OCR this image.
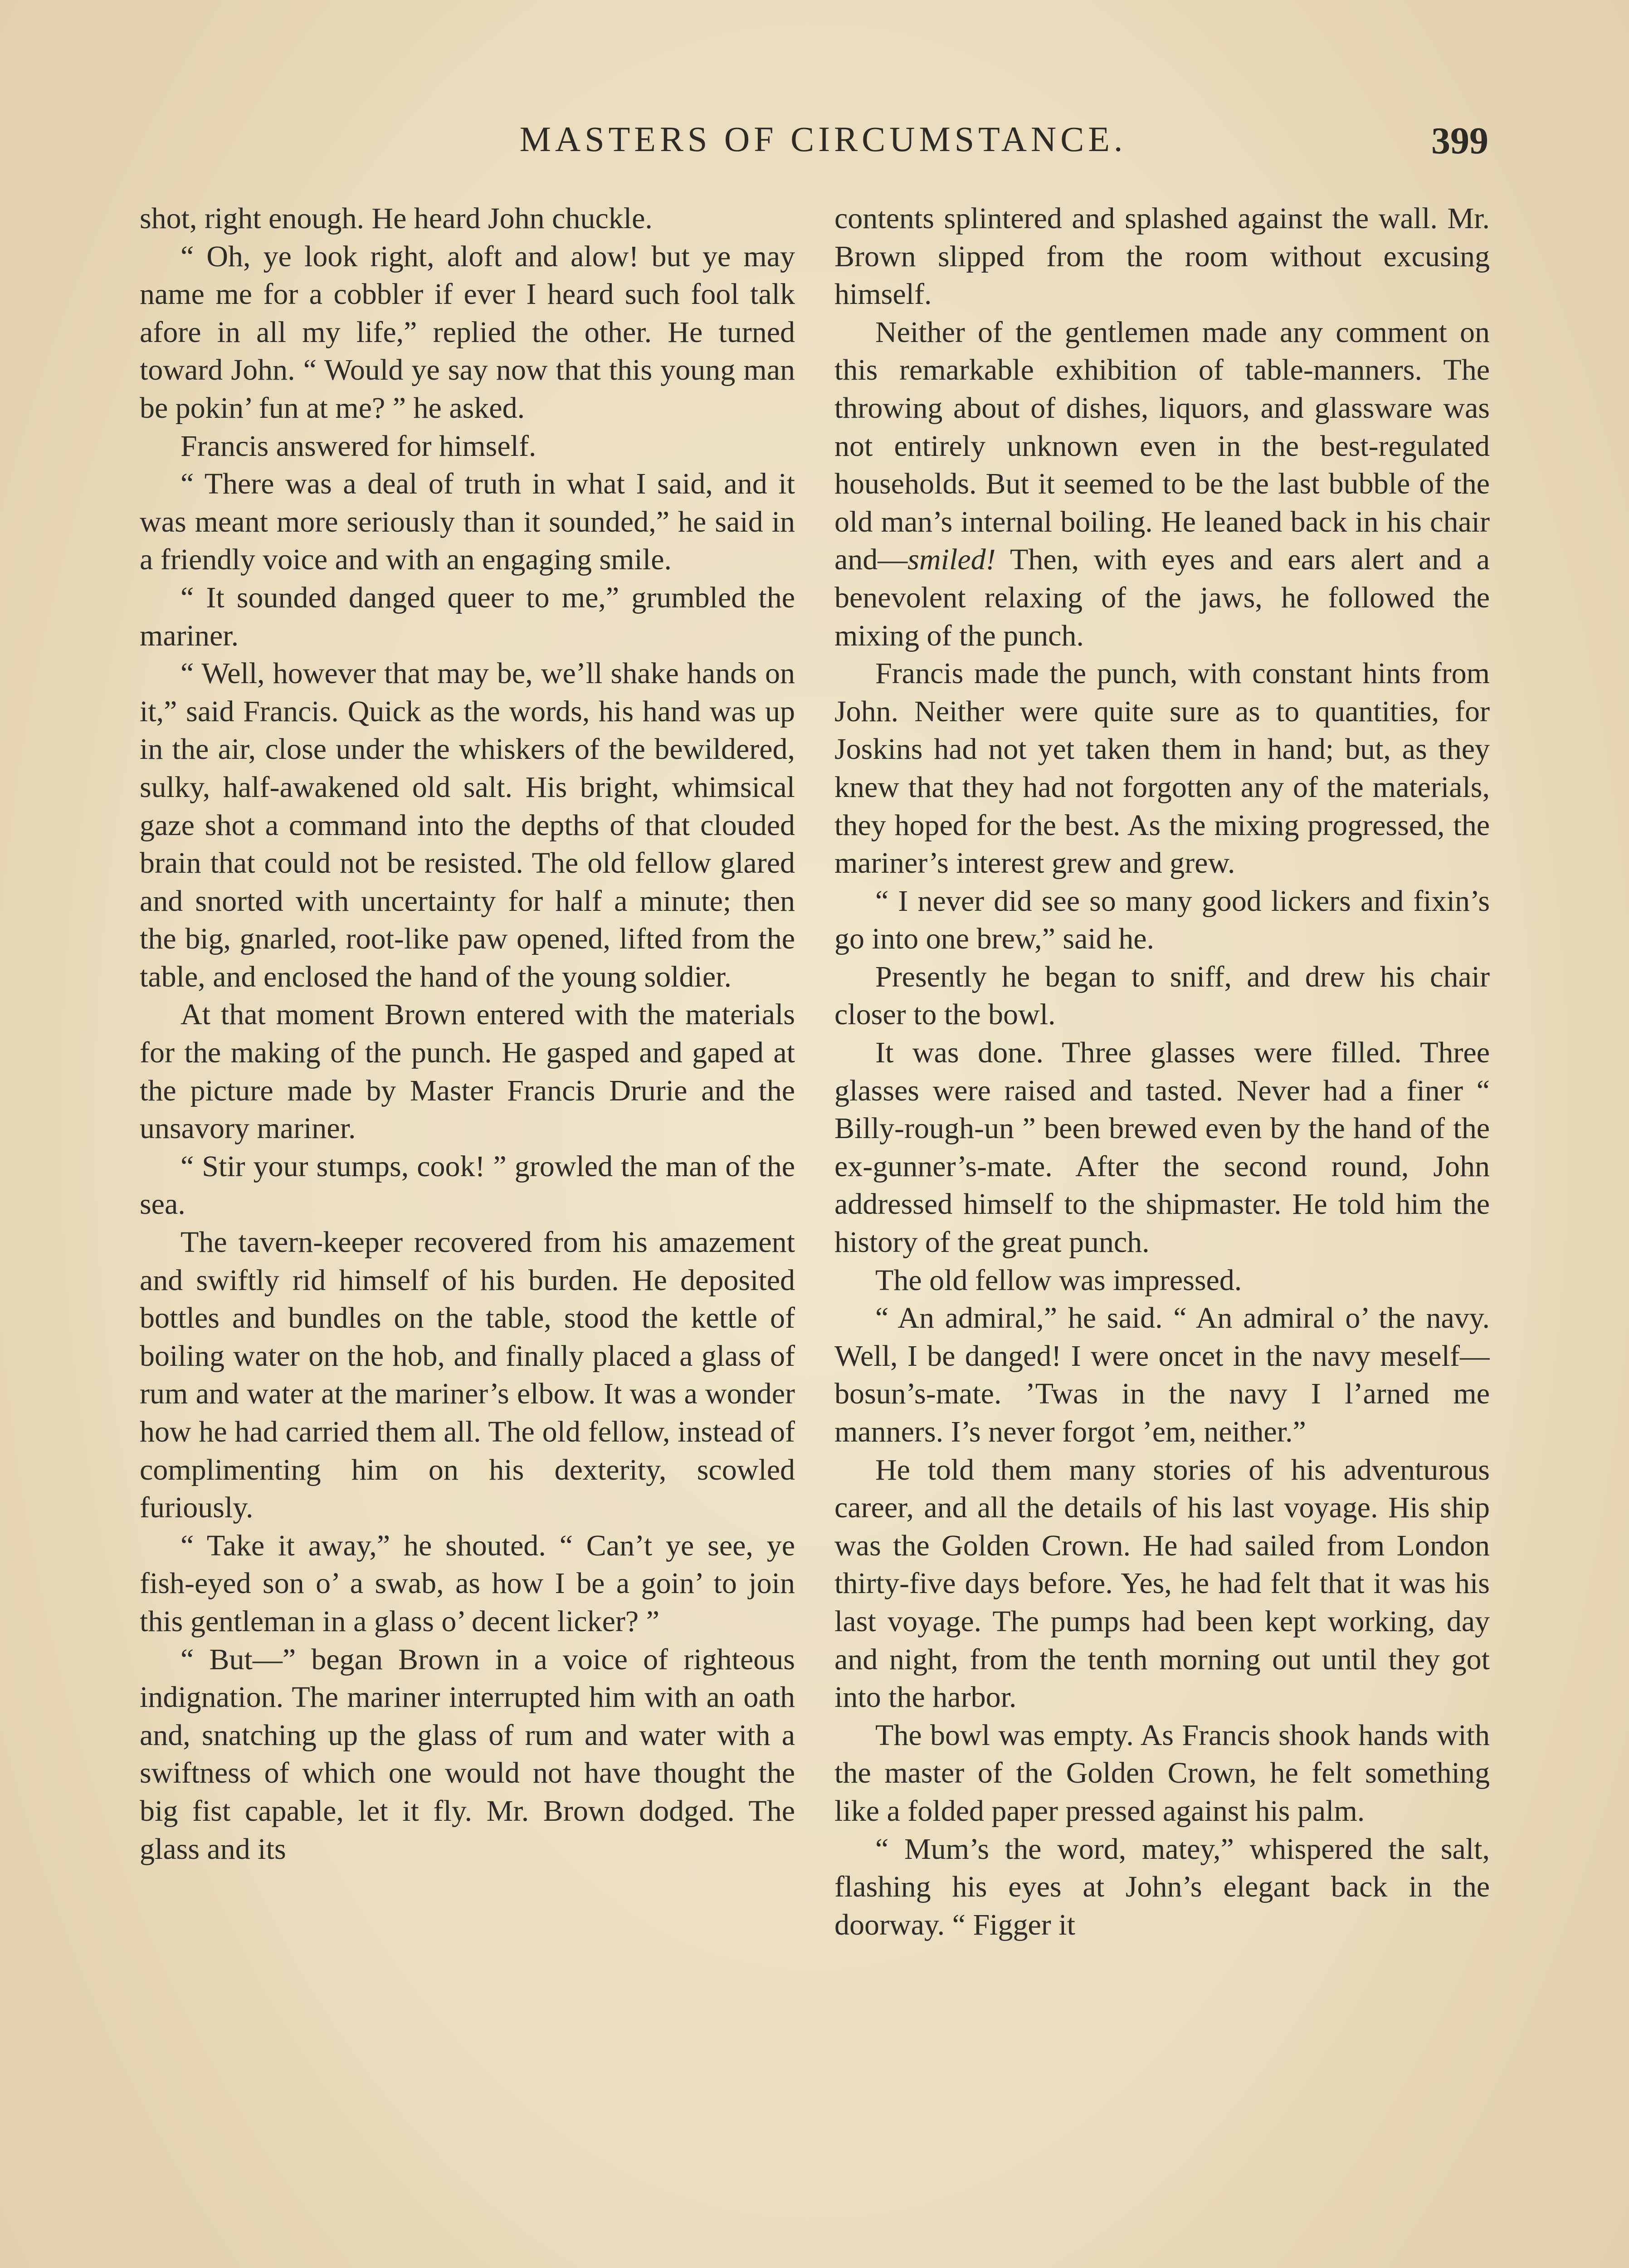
MASTERS OF CIRCUMSTANCE.	399

shot, right enough. He heard John chuckle.

“ Oh, ye look right, aloft and alow! but ye may name me for a cobbler if ever I heard such fool talk afore in all my life,” replied the other. He turned toward John. “ Would ye say now that this young man be pokin’ fun at me? ” he asked.

Francis answered for himself.

“ There was a deal of truth in what I said, and it was meant more seriously than it sounded,” he said in a friendly voice and with an engaging smile.

“ It sounded danged queer to me,” grumbled the mariner.

“ Well, however that may be, we’ll shake hands on it,” said Francis. Quick as the words, his hand was up in the air, close under the whiskers of the bewildered, sulky, half-awakened old salt. His bright, whimsical gaze shot a command into the depths of that clouded brain that could not be resisted. The old fellow glared and snorted with uncertainty for half a minute; then the big, gnarled, root-like paw opened, lifted from the table, and enclosed the hand of the young soldier.

At that moment Brown entered with the materials for the making of the punch. He gasped and gaped at the picture made by Master Francis Drurie and the unsavory mariner.

“ Stir your stumps, cook! ” growled the man of the sea.

The tavern-keeper recovered from his amazement and swiftly rid himself of his burden. He deposited bottles and bundles on the table, stood the kettle of boiling water on the hob, and finally placed a glass of rum and water at the mariner’s elbow. It was a wonder how he had carried them all. The old fellow, instead of complimenting him on his dexterity, scowled furiously.

“ Take it away,” he shouted. “ Can’t ye see, ye fish-eyed son o’ a swab, as how I be a goin’ to join this gentleman in a glass o’ decent licker? ”

“ But—” began Brown in a voice of righteous indignation. The mariner interrupted him with an oath and, snatching up the glass of rum and water with a swiftness of which one would not have thought the big fist capable, let it fly. Mr. Brown dodged. The glass and its

contents splintered and splashed against the wall. Mr. Brown slipped from the room without excusing himself.

Neither of the gentlemen made any comment on this remarkable exhibition of table-manners. The throwing about of dishes, liquors, and glassware was not entirely unknown even in the best-regulated households. But it seemed to be the last bubble of the old man’s internal boiling. He leaned back in his chair and—smiled! Then, with eyes and ears alert and a benevolent relaxing of the jaws, he followed the mixing of the punch.

Francis made the punch, with constant hints from John. Neither were quite sure as to quantities, for Joskins had not yet taken them in hand; but, as they knew that they had not forgotten any of the materials, they hoped for the best. As the mixing progressed, the mariner’s interest grew and grew.

“ I never did see so many good lickers and fixin’s go into one brew,” said he.

Presently he began to sniff, and drew his chair closer to the bowl.

It was done. Three glasses were filled. Three glasses were raised and tasted. Never had a finer “ Billy-rough-un ” been brewed even by the hand of the ex-gunner’s-mate. After the second round, John addressed himself to the shipmaster. He told him the history of the great punch.

The old fellow was impressed.

“ An admiral,” he said. “ An admiral o’ the navy. Well, I be danged! I were oncet in the navy meself—bosun’s-mate. ’Twas in the navy I l’arned me manners. I’s never forgot ’em, neither.”

He told them many stories of his adventurous career, and all the details of his last voyage. His ship was the Golden Crown. He had sailed from London thirty-five days before. Yes, he had felt that it was his last voyage. The pumps had been kept working, day and night, from the tenth morning out until they got into the harbor.

The bowl was empty. As Francis shook hands with the master of the Golden Crown, he felt something like a folded paper pressed against his palm.

“ Mum’s the word, matey,” whispered the salt, flashing his eyes at John’s elegant back in the doorway. “ Figger it
